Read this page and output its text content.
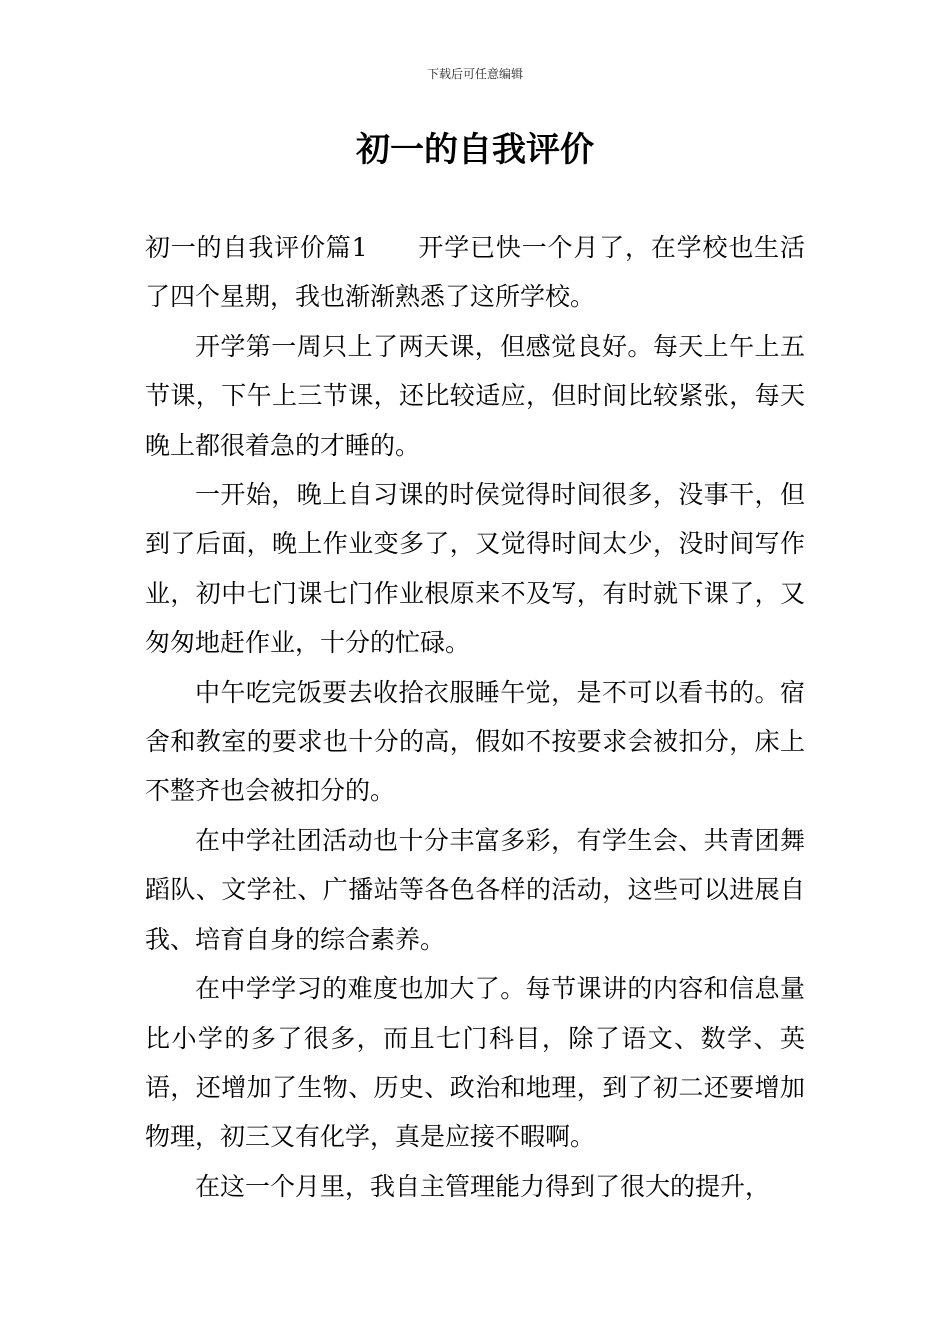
下载后可任意编辑
初一的自我评价

初一的自我评价篇1 开学已快一个月了，在学校也生活了四个星期，我也渐渐熟悉了这所学校。

开学第一周只上了两天课，但感觉良好。每天上午上五节课，下午上三节课，还比较适应，但时间比较紧张，每天晚上都很着急的才睡的。

一开始，晚上自习课的时侯觉得时间很多，没事干，但到了后面，晚上作业变多了，又觉得时间太少，没时间写作业，初中七门课七门作业根原来不及写，有时就下课了，又匆匆地赶作业，十分的忙碌。

中午吃完饭要去收拾衣服睡午觉，是不可以看书的。宿舍和教室的要求也十分的高，假如不按要求会被扣分，床上不整齐也会被扣分的。

在中学社团活动也十分丰富多彩，有学生会、共青团舞蹈队、文学社、广播站等各色各样的活动，这些可以进展自我、培育自身的综合素养。

在中学学习的难度也加大了。每节课讲的内容和信息量比小学的多了很多，而且七门科目，除了语文、数学、英语，还增加了生物、历史、政治和地理，到了初二还要增加物理，初三又有化学，真是应接不暇啊。

在这一个月里，我自主管理能力得到了很大的提升，
